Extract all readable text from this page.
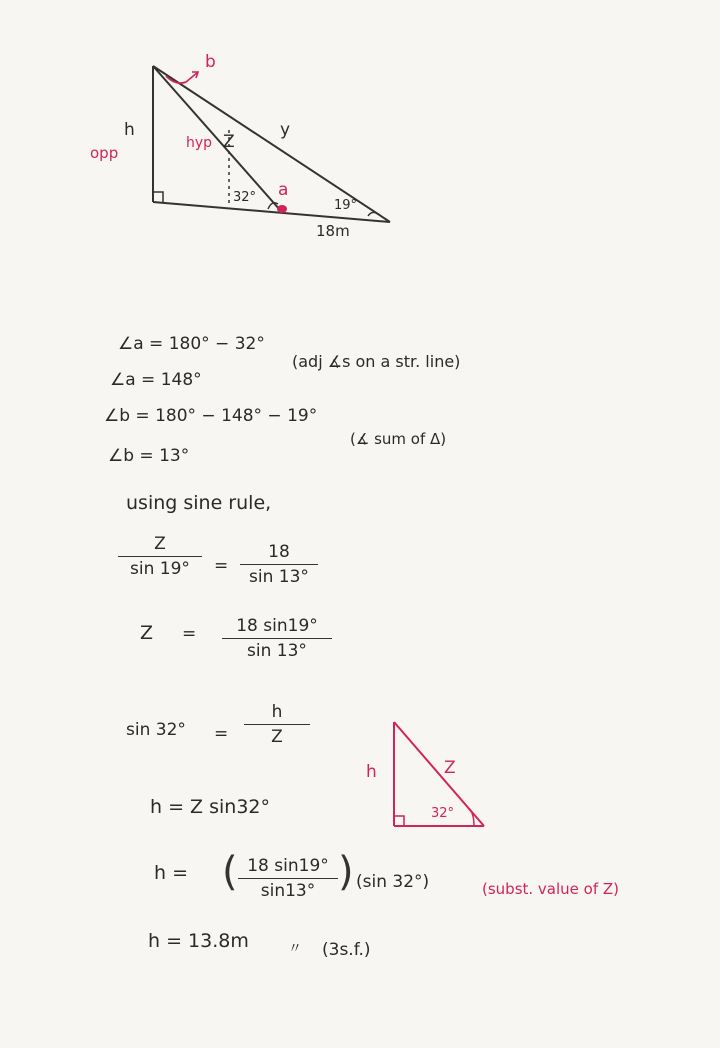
b
h
opp
hyp Z
y
32° a
19°
18m
∠a = 180° − 32°
(adj ∡s on a str. line)
∠a = 148°
∠b = 180° − 148° − 19°
(∡ sum of Δ)
∠b = 13°
using sine rule,
Z
sin 19°	=
18
sin 13°
Z =	18 sin19°
sin 13°
sin 32° =
h
Z
h	Z
32°
h = Z sin32°
h = ( 18 sin19°
sin13° ) (sin 32°)	(subst. value of Z)
h = 13.8m	〃 (3s.f.)
